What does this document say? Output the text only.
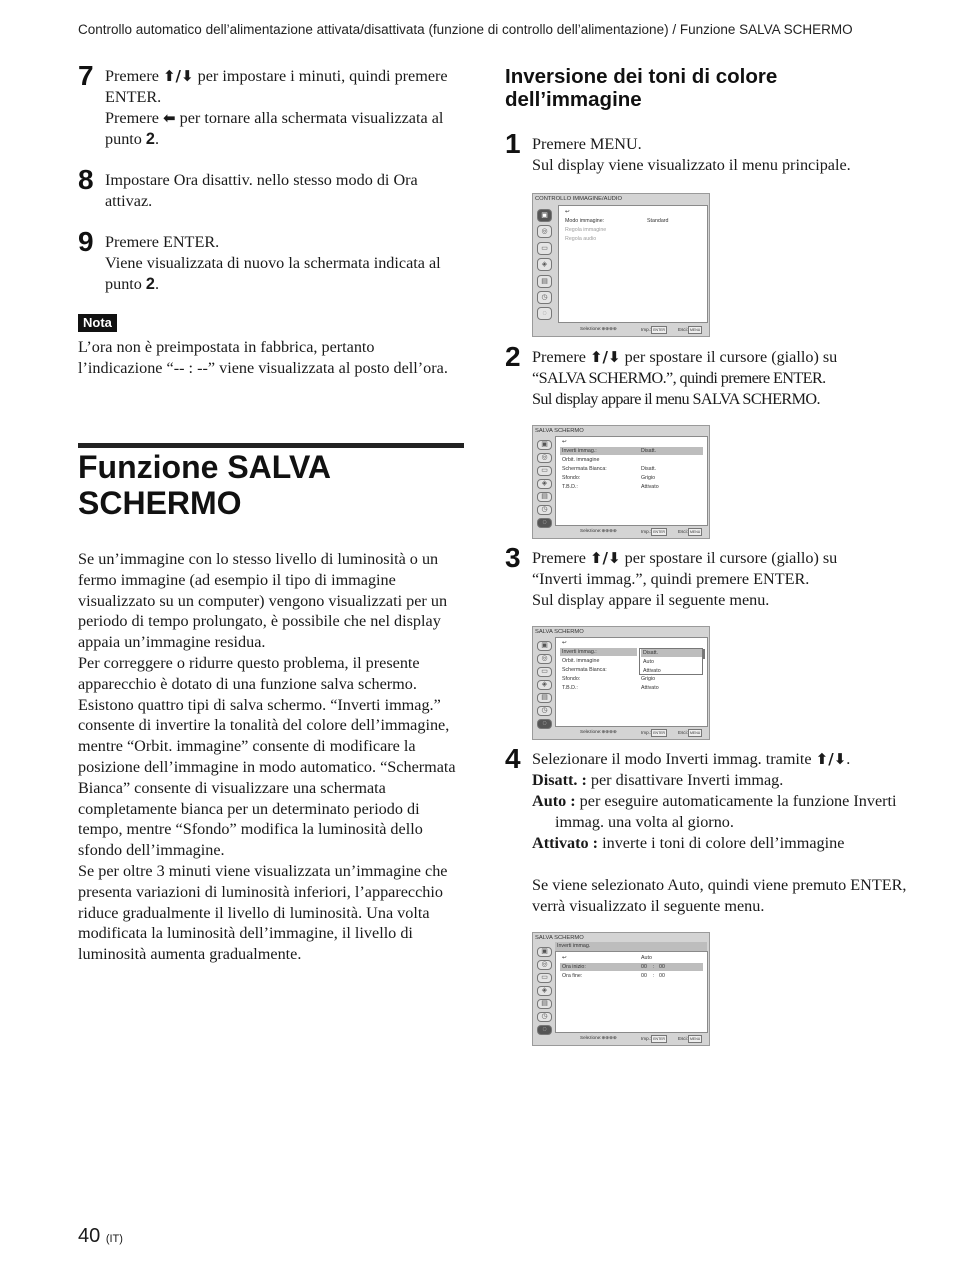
Controllo automatico dell’alimentazione attivata/disattivata (funzione di controllo dell’alimentazione) / Funzione SALVA SCHERMO
7 Premere ⬆/⬇ per impostare i minuti, quindi premere ENTER.
Premere ⬅ per tornare alla schermata visualizzata al punto 2.
8 Impostare Ora disattiv. nello stesso modo di Ora attivaz.
9 Premere ENTER.
Viene visualizzata di nuovo la schermata indicata al punto 2.
Nota
L’ora non è preimpostata in fabbrica, pertanto l’indicazione “-- : --” viene visualizzata al posto dell’ora.
Funzione SALVA
SCHERMO
Se un’immagine con lo stesso livello di luminosità o un fermo immagine (ad esempio il tipo di immagine visualizzato su un computer) vengono visualizzati per un periodo di tempo prolungato, è possibile che nel display appaia un’immagine residua.
Per correggere o ridurre questo problema, il presente apparecchio è dotato di una funzione salva schermo. Esistono quattro tipi di salva schermo. “Inverti immag.” consente di invertire la tonalità del colore dell’immagine, mentre “Orbit. immagine” consente di modificare la posizione dell’immagine in modo automatico. “Schermata Bianca” consente di visualizzare una schermata completamente bianca per un determinato periodo di tempo, mentre “Sfondo” modifica la luminosità dello sfondo dell’immagine.
Se per oltre 3 minuti viene visualizzata un’immagine che presenta variazioni di luminosità inferiori, l’apparecchio riduce gradualmente il livello di luminosità. Una volta modificata la luminosità dell’immagine, il livello di luminosità aumenta gradualmente.
Inversione dei toni di colore
dell’immagine
1 Premere MENU.
Sul display viene visualizzato il menu principale.
CONTROLLO IMMAGINE/AUDIO
▣
◎
▭
◈
▤
◷
◌
↩
Modo immagine:	Standard
Regola immagine
Regola audio
Selezione:⊕⊕⊕⊕	Imp.: ENTER	Esci: MENU
2 Premere ⬆/⬇ per spostare il cursore (giallo) su
“SALVA SCHERMO.”, quindi premere ENTER.
Sul display appare il menu SALVA SCHERMO.
SALVA SCHERMO
▣
◎
▭
◈
▤
◷
◌
↩
Inverti immag.:	Disatt.
Orbit. immagine
Schermata Bianca:	Disatt.
Sfondo:	Grigio
T.B.D.:	Attivato
Selezione:⊕⊕⊕⊕	Imp.: ENTER	Esci: MENU
3 Premere ⬆/⬇ per spostare il cursore (giallo) su
“Inverti immag.”, quindi premere ENTER.
Sul display appare il seguente menu.
SALVA SCHERMO
▣
◎
▭
◈
▤
◷
◌
↩
Inverti immag.:
Orbit. immagine
Schermata Bianca:
Sfondo:	Grigio
T.B.D.:	Attivato
Disatt.
Auto
Attivato
Selezione:⊕⊕⊕⊕	Imp.: ENTER	Esci: MENU
4 Selezionare il modo Inverti immag. tramite ⬆/⬇.
Disatt. : per disattivare Inverti immag.

Auto : per eseguire automaticamente la funzione Inverti immag. una volta al giorno.
Attivato : inverte i toni di colore dell’immagine

Se viene selezionato Auto, quindi viene premuto ENTER, verrà visualizzato il seguente menu.
SALVA SCHERMO
Inverti immag.
▣
◎
▭
◈
▤
◷
◌
↩	Auto
Ora inizio:	00 : 00
Ora fine:	00 : 00
Selezione:⊕⊕⊕⊕	Imp.: ENTER	Esci: MENU
40 (IT)
